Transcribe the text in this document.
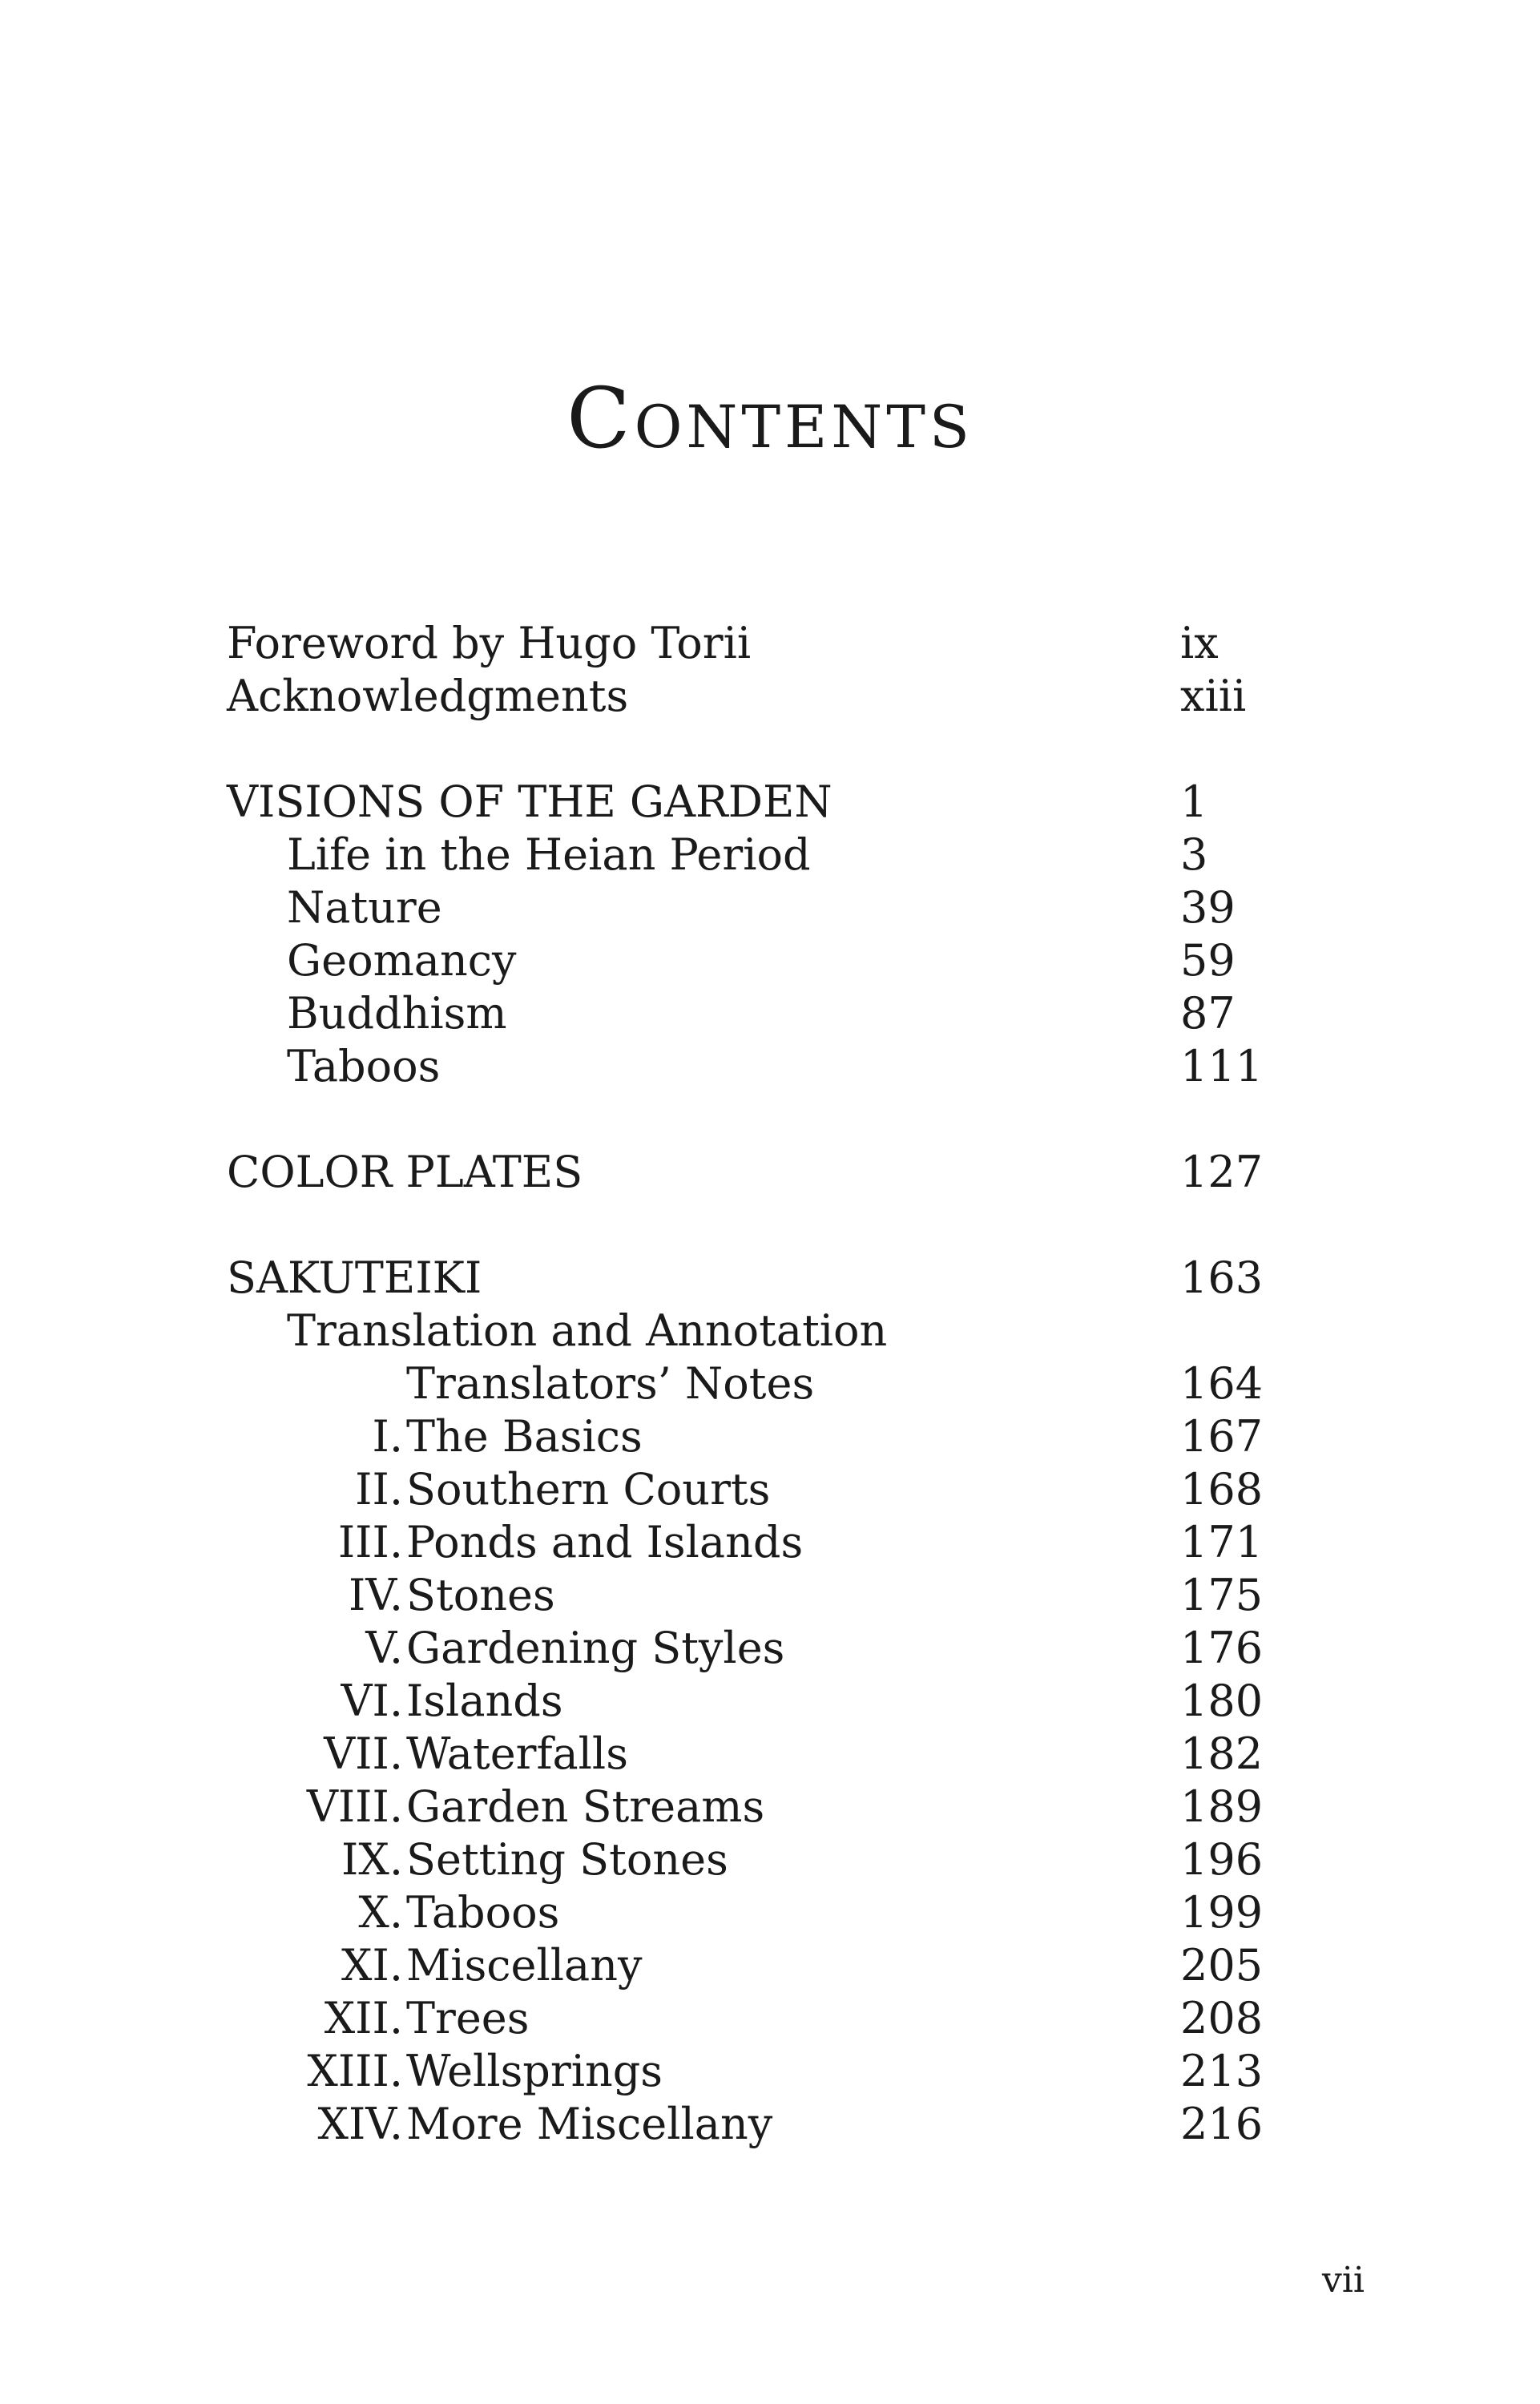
Contents
Foreword by Hugo Torii	ix
Acknowledgments	xiii
VISIONS OF THE GARDEN	1
Life in the Heian Period	3
Nature	39
Geomancy	59
Buddhism	87
Taboos	111
COLOR PLATES	127
SAKUTEIKI	163
Translation and Annotation
Translators’ Notes	164
I. The Basics	167
II. Southern Courts	168
III. Ponds and Islands	171
IV. Stones	175
V. Gardening Styles	176
VI. Islands	180
VII. Waterfalls	182
VIII. Garden Streams	189
IX. Setting Stones	196
X. Taboos	199
XI. Miscellany	205
XII. Trees	208
XIII. Wellsprings	213
XIV. More Miscellany	216
vii
